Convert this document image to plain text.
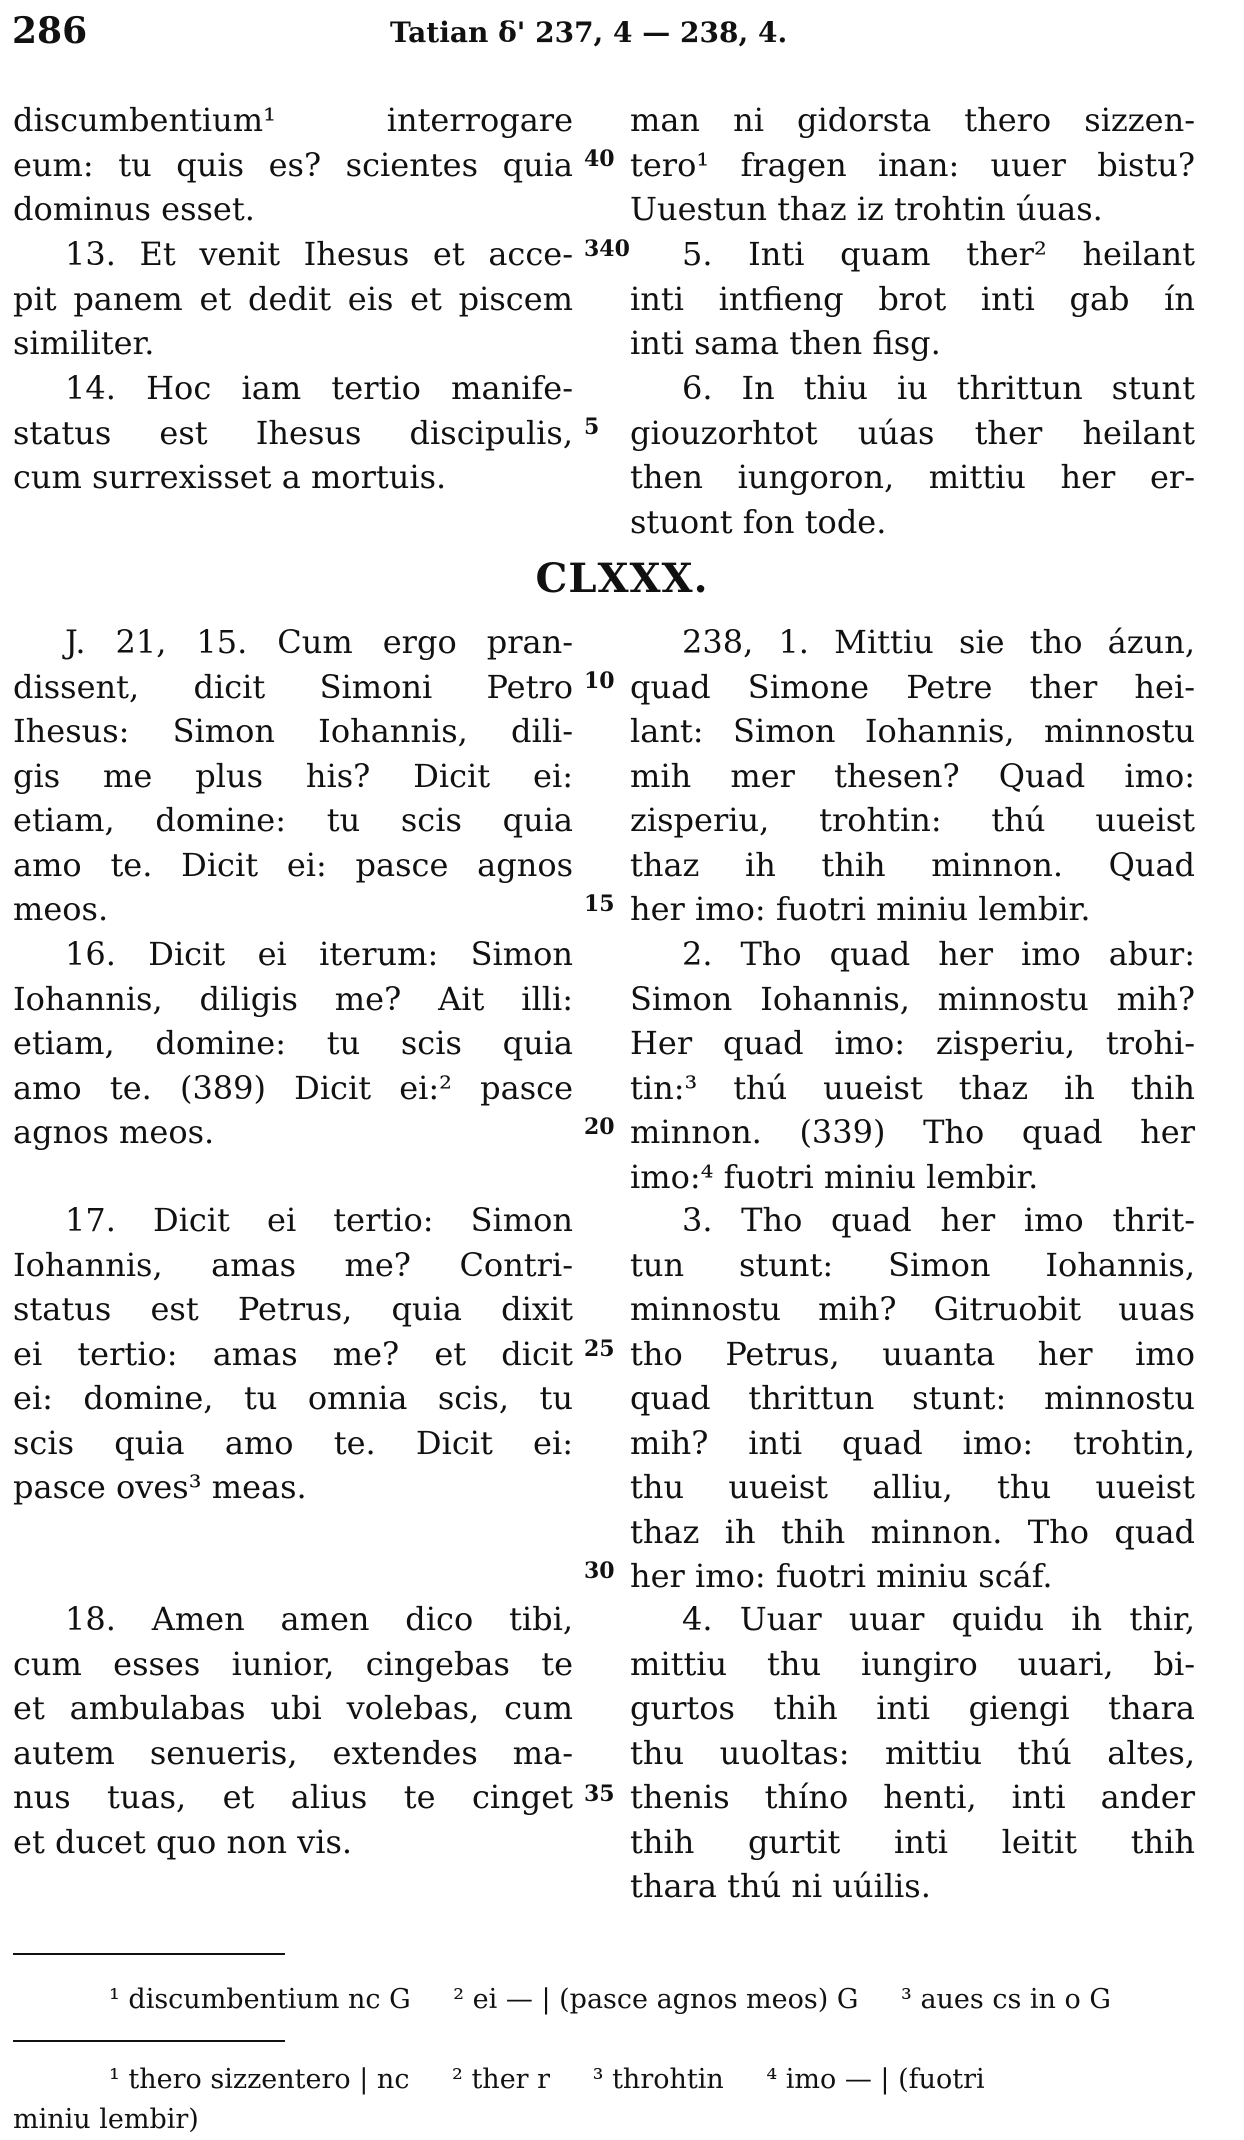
286	Tatian δ' 237, 4 — 238, 4.

discumbentium¹ interrogare
eum: tu quis es? scientes quia
dominus esset.

13. Et venit Ihesus et acce-
pit panem et dedit eis et piscem
similiter.

14. Hoc iam tertio manife-
status est Ihesus discipulis,
cum surrexisset a mortuis.

J. 21, 15. Cum ergo pran-
dissent, dicit Simoni Petro
Ihesus: Simon Iohannis, dili-
gis me plus his? Dicit ei:
etiam, domine: tu scis quia
amo te. Dicit ei: pasce agnos
meos.

16. Dicit ei iterum: Simon
Iohannis, diligis me? Ait illi:
etiam, domine: tu scis quia
amo te. (389) Dicit ei:² pasce
agnos meos.

17. Dicit ei tertio: Simon
Iohannis, amas me? Contri-
status est Petrus, quia dixit
ei tertio: amas me? et dicit
ei: domine, tu omnia scis, tu
scis quia amo te. Dicit ei:
pasce oves³ meas.

18. Amen amen dico tibi,
cum esses iunior, cingebas te
et ambulabas ubi volebas, cum
autem senueris, extendes ma-
nus tuas, et alius te cinget
et ducet quo non vis.

man ni gidorsta thero sizzen-
tero¹ fragen inan: uuer bistu?
Uuestun thaz iz trohtin úuas.

5. Inti quam ther² heilant
inti intfieng brot inti gab ín
inti sama then fisg.

6. In thiu iu thrittun stunt
giouzorhtot uúas ther heilant
then iungoron, mittiu her er-
stuont fon tode.

238, 1. Mittiu sie tho ázun,
quad Simone Petre ther hei-
lant: Simon Iohannis, minnostu
mih mer thesen? Quad imo:
zisperiu, trohtin: thú uueist
thaz ih thih minnon. Quad
her imo: fuotri miniu lembir.

2. Tho quad her imo abur:
Simon Iohannis, minnostu mih?
Her quad imo: zisperiu, trohi-
tin:³ thú uueist thaz ih thih
minnon. (339) Tho quad her
imo:⁴ fuotri miniu lembir.

3. Tho quad her imo thrit-
tun stunt: Simon Iohannis,
minnostu mih? Gitruobit uuas
tho Petrus, uuanta her imo
quad thrittun stunt: minnostu
mih? inti quad imo: trohtin,
thu uueist alliu, thu uueist
thaz ih thih minnon. Tho quad
her imo: fuotri miniu scáf.

4. Uuar uuar quidu ih thir,
mittiu thu iungiro uuari, bi-
gurtos thih inti giengi thara
thu uuoltas: mittiu thú altes,
thenis thíno henti, inti ander
thih gurtit inti leitit thih
thara thú ni uúilis.

40
340
5
10
15
20
25
30
35
CLXXX.
¹ discumbentium nc G ² ei — | (pasce agnos meos) G ³ aues cs in o G
¹ thero sizzentero | nc ² ther r ³ throhtin ⁴ imo — | (fuotri
miniu lembir)
